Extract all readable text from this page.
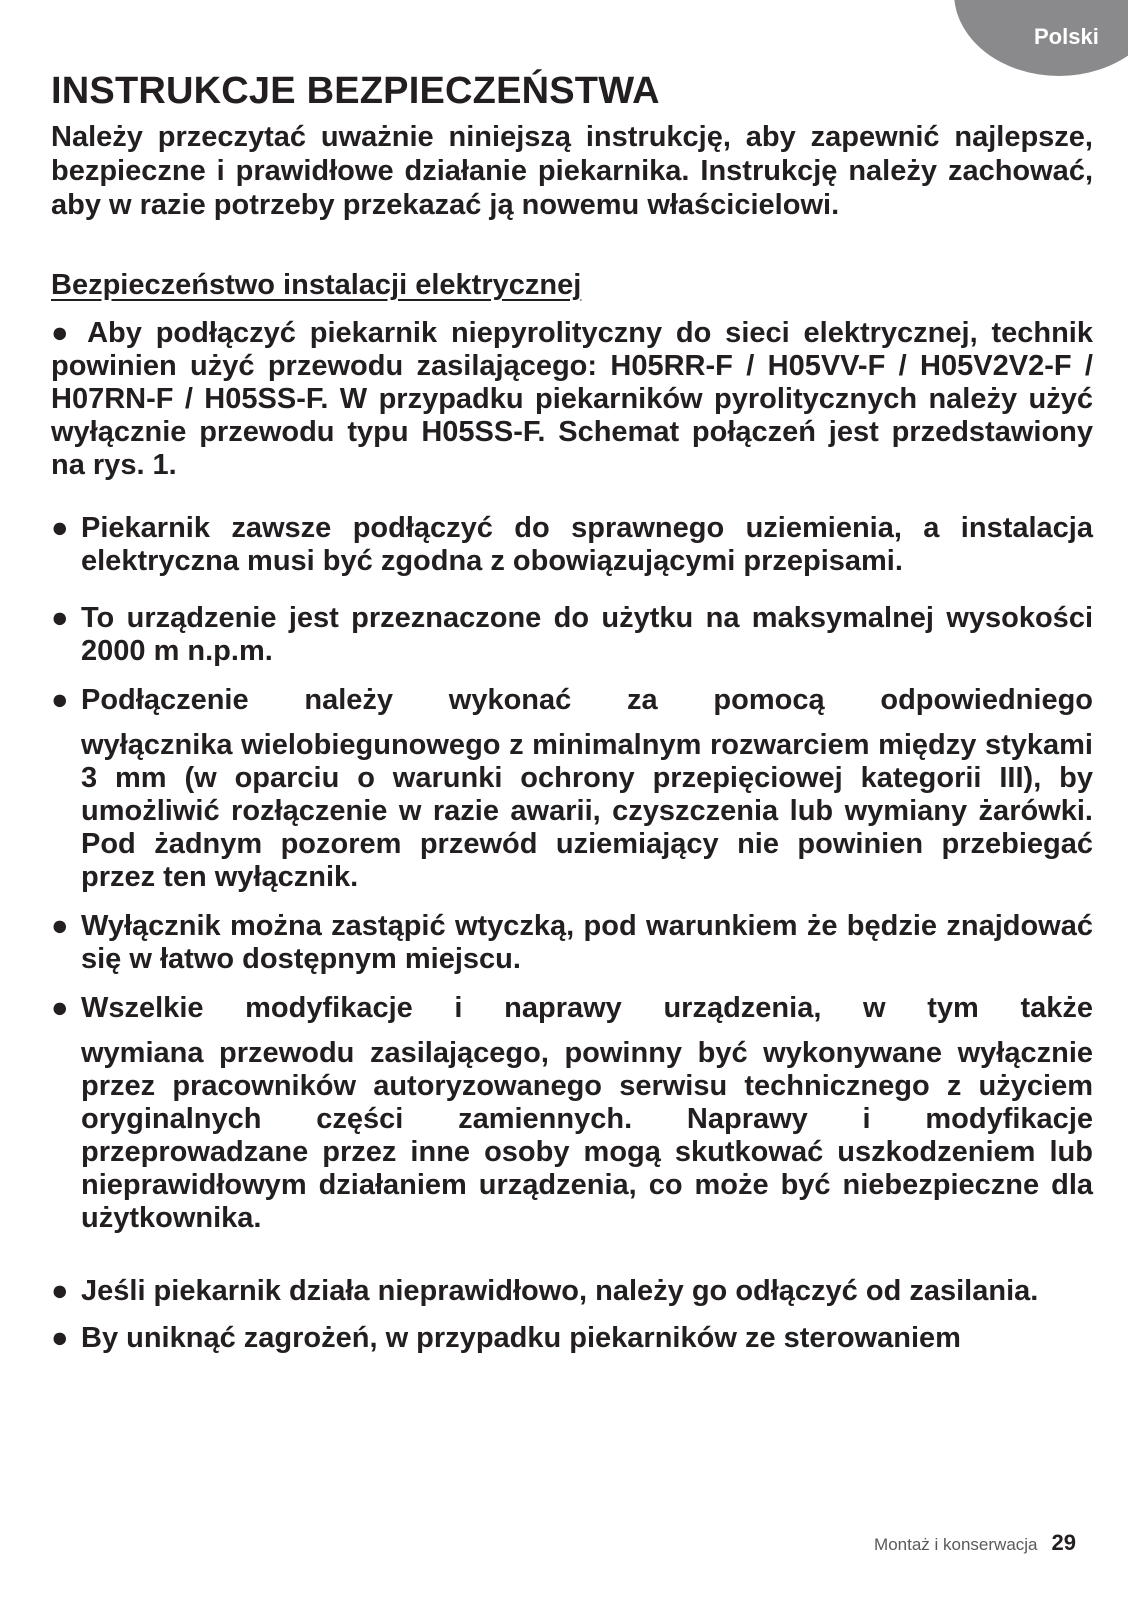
Polski
INSTRUKCJE BEZPIECZEŃSTWA

Należy przeczytać uważnie niniejszą instrukcję, aby zapewnić najlepsze, bezpieczne i prawidłowe działanie piekarnika. Instrukcję należy zachować, aby w razie potrzeby przekazać ją nowemu właścicielowi.

Bezpieczeństwo instalacji elektrycznej
● Aby podłączyć piekarnik niepyrolityczny do sieci elektrycznej, technik powinien użyć przewodu zasilającego: H05RR-F / H05VV-F / H05V2V2-F / H07RN-F / H05SS-F. W przypadku piekarników pyrolitycznych należy użyć wyłącznie przewodu typu H05SS-F. Schemat połączeń jest przedstawiony na rys. 1.
● Piekarnik zawsze podłączyć do sprawnego uziemienia, a instalacja elektryczna musi być zgodna z obowiązującymi przepisami.

● To urządzenie jest przeznaczone do użytku na maksymalnej wysokości 2000 m n.p.m.

● Podłączenie należy wykonać za pomocą odpowiedniego

wyłącznika wielobiegunowego z minimalnym rozwarciem między stykami 3 mm (w oparciu o warunki ochrony przepięciowej kategorii III), by umożliwić rozłączenie w razie awarii, czyszczenia lub wymiany żarówki. Pod żadnym pozorem przewód uziemiający nie powinien przebiegać przez ten wyłącznik.

● Wyłącznik można zastąpić wtyczką, pod warunkiem że będzie znajdować się w łatwo dostępnym miejscu.

● Wszelkie modyfikacje i naprawy urządzenia, w tym także

wymiana przewodu zasilającego, powinny być wykonywane wyłącznie przez pracowników autoryzowanego serwisu technicznego z użyciem oryginalnych części zamiennych. Naprawy i modyfikacje przeprowadzane przez inne osoby mogą skutkować uszkodzeniem lub nieprawidłowym działaniem urządzenia, co może być niebezpieczne dla użytkownika.

● Jeśli piekarnik działa nieprawidłowo, należy go odłączyć od zasilania.

● By uniknąć zagrożeń, w przypadku piekarników ze sterowaniem

Montaż i konserwacja 29
